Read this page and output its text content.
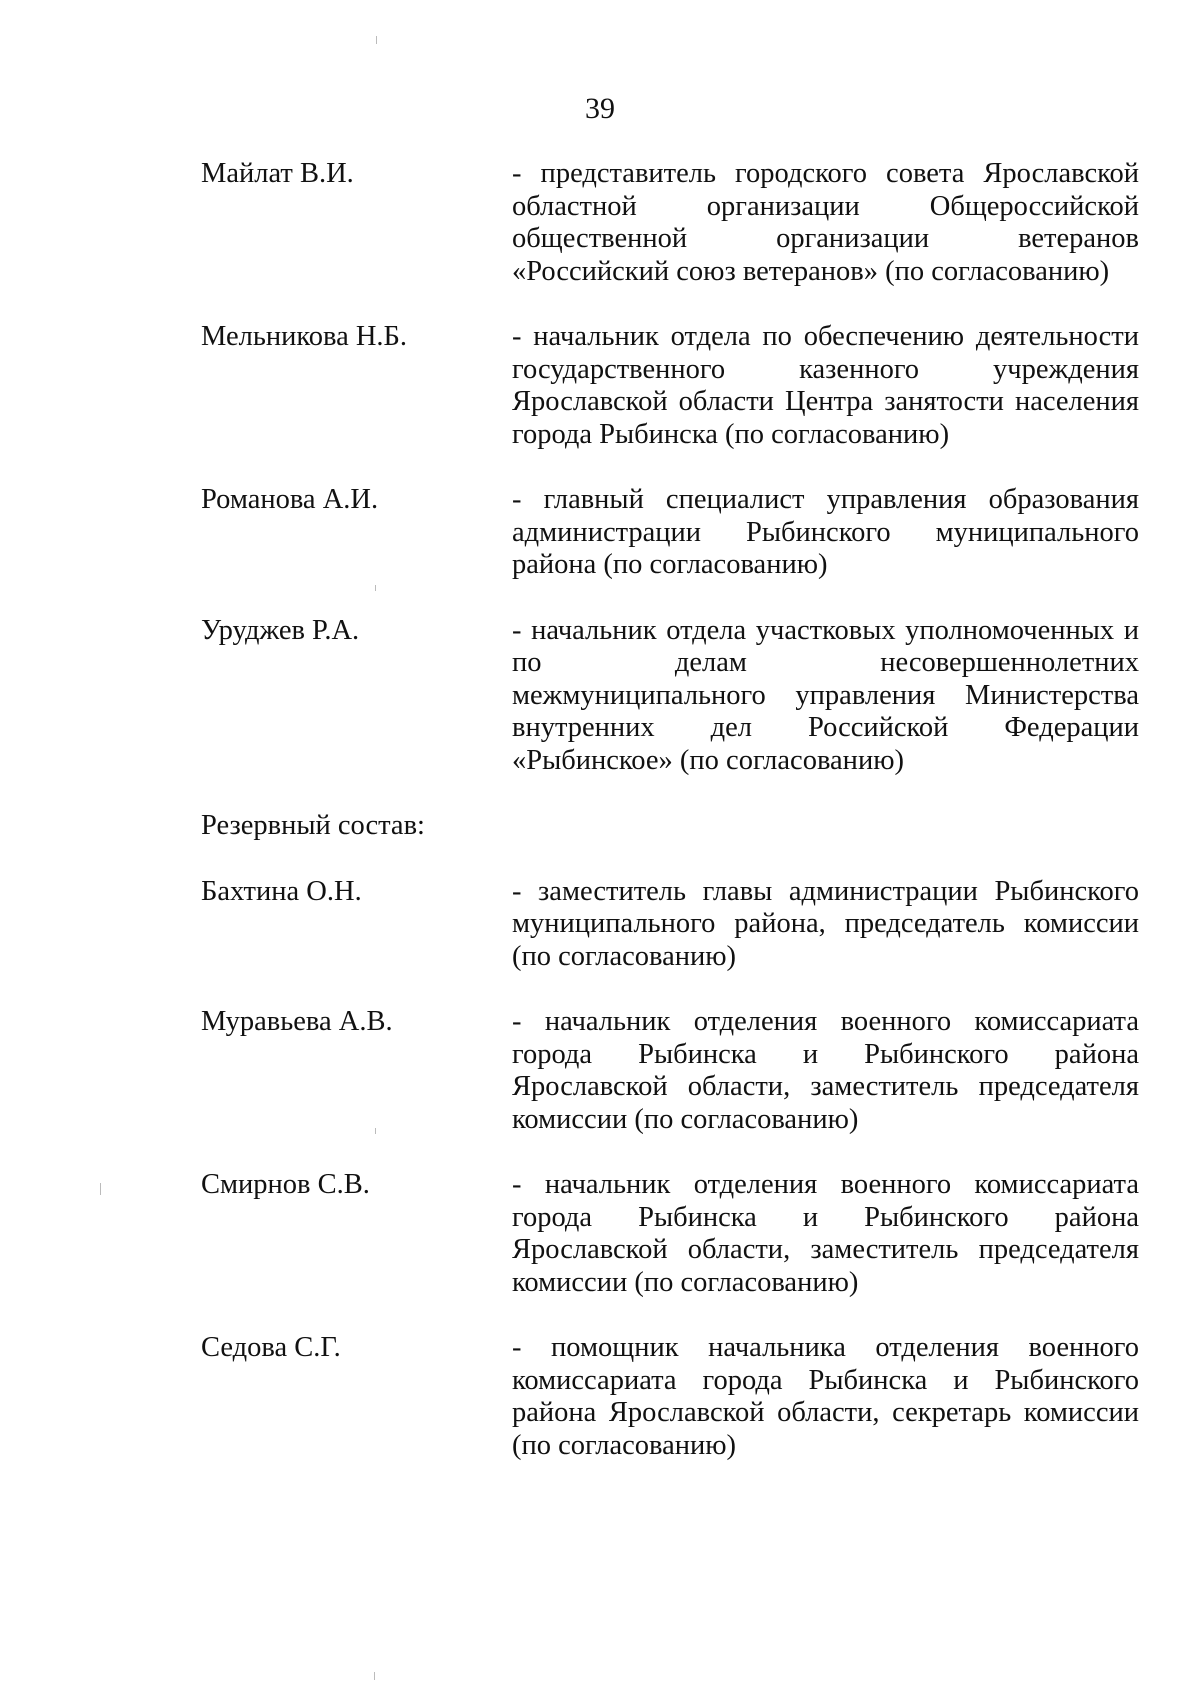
39
Майлат В.И.	- представитель городского совета Ярославской областной организации Общероссийской общественной организации ветеранов «Российский союз ветеранов» (по согласованию)
Мельникова Н.Б.	- начальник отдела по обеспечению деятельности государственного казенного учреждения Ярославской области Центра занятости населения города Рыбинска (по согласованию)
Романова А.И.	- главный специалист управления образования администрации Рыбинского муниципального района (по согласованию)
Уруджев Р.А.	- начальник отдела участковых уполномоченных и по делам несовершеннолетних межмуниципального управления Министерства внутренних дел Российской Федерации «Рыбинское» (по согласованию)
Резервный состав:
Бахтина О.Н.	- заместитель главы администрации Рыбинского муниципального района, председатель комиссии (по согласованию)
Муравьева А.В.	- начальник отделения военного комиссариата города Рыбинска и Рыбинского района Ярославской области, заместитель председателя комиссии (по согласованию)
Смирнов С.В.	- начальник отделения военного комиссариата города Рыбинска и Рыбинского района Ярославской области, заместитель председателя комиссии (по согласованию)
Седова С.Г.	- помощник начальника отделения военного комиссариата города Рыбинска и Рыбинского района Ярославской области, секретарь комиссии (по согласованию)
